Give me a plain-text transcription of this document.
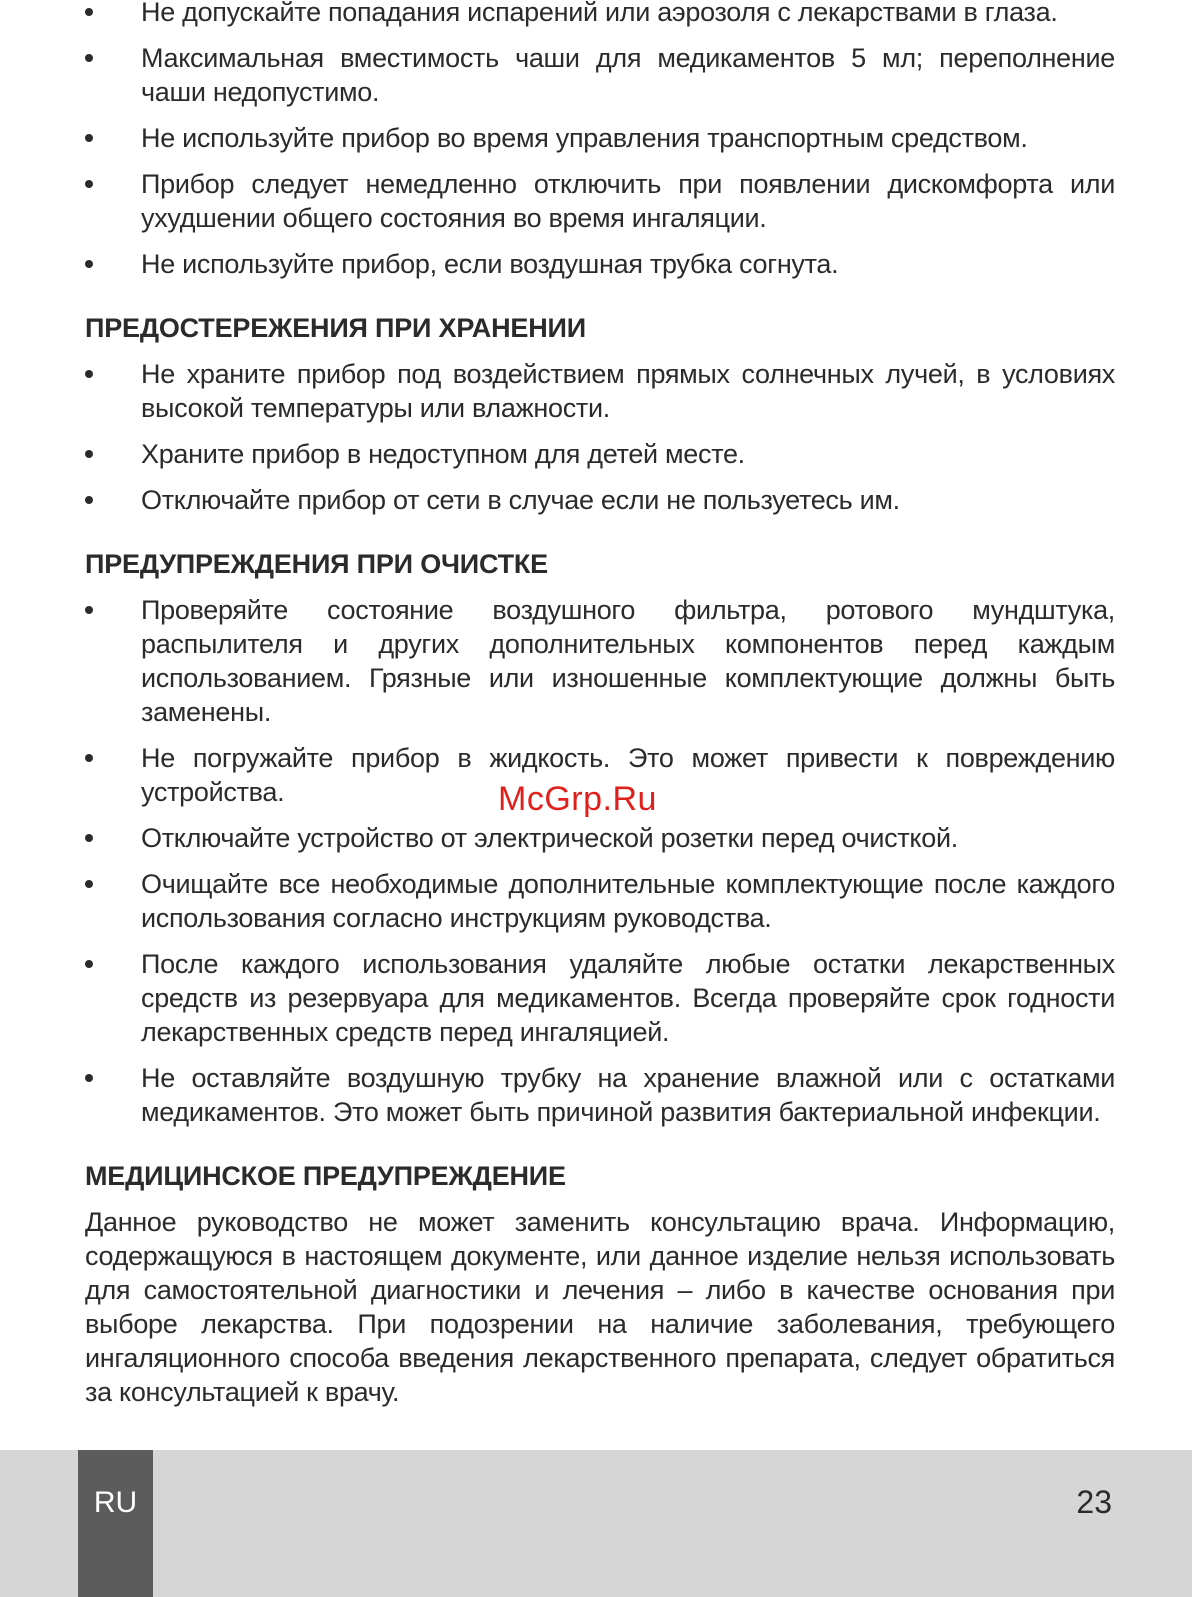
Не допускайте попадания испарений или аэрозоля с лекарствами в глаза.
Максимальная вместимость чаши для медикаментов 5 мл; переполнение чаши недопустимо.
Не используйте прибор во время управления транспортным средством.
Прибор следует немедленно отключить при появлении дискомфорта или ухудшении общего состояния во время ингаляции.
Не используйте прибор, если воздушная трубка согнута.
ПРЕДОСТЕРЕЖЕНИЯ ПРИ ХРАНЕНИИ
Не храните прибор под воздействием прямых солнечных лучей, в условиях высокой температуры или влажности.
Храните прибор в недоступном для детей месте.
Отключайте прибор от сети в случае если не пользуетесь им.
ПРЕДУПРЕЖДЕНИЯ ПРИ ОЧИСТКЕ
Проверяйте состояние воздушного фильтра, ротового мундштука, распылителя и других дополнительных компонентов перед каждым использованием. Грязные или изношенные комплектующие должны быть заменены.
Не погружайте прибор в жидкость. Это может привести к повреждению устройства.
Отключайте устройство от электрической розетки перед очисткой.
Очищайте все необходимые дополнительные комплектующие после каждого использования согласно инструкциям руководства.
После каждого использования удаляйте любые остатки лекарственных средств из резервуара для медикаментов. Всегда проверяйте срок годности лекарственных средств перед ингаляцией.
Не оставляйте воздушную трубку на хранение влажной или с остатками медикаментов. Это может быть причиной развития бактериальной инфекции.
МЕДИЦИНСКОЕ ПРЕДУПРЕЖДЕНИЕ

Данное руководство не может заменить консультацию врача. Информацию, содержащуюся в настоящем документе, или данное изделие нельзя использовать для самостоятельной диагностики и лечения – либо в качестве основания при выборе лекарства. При подозрении на наличие заболевания, требующего ингаляционного способа введения лекарственного препарата, следует обратиться за консультацией к врачу.

McGrp.Ru
RU	23
